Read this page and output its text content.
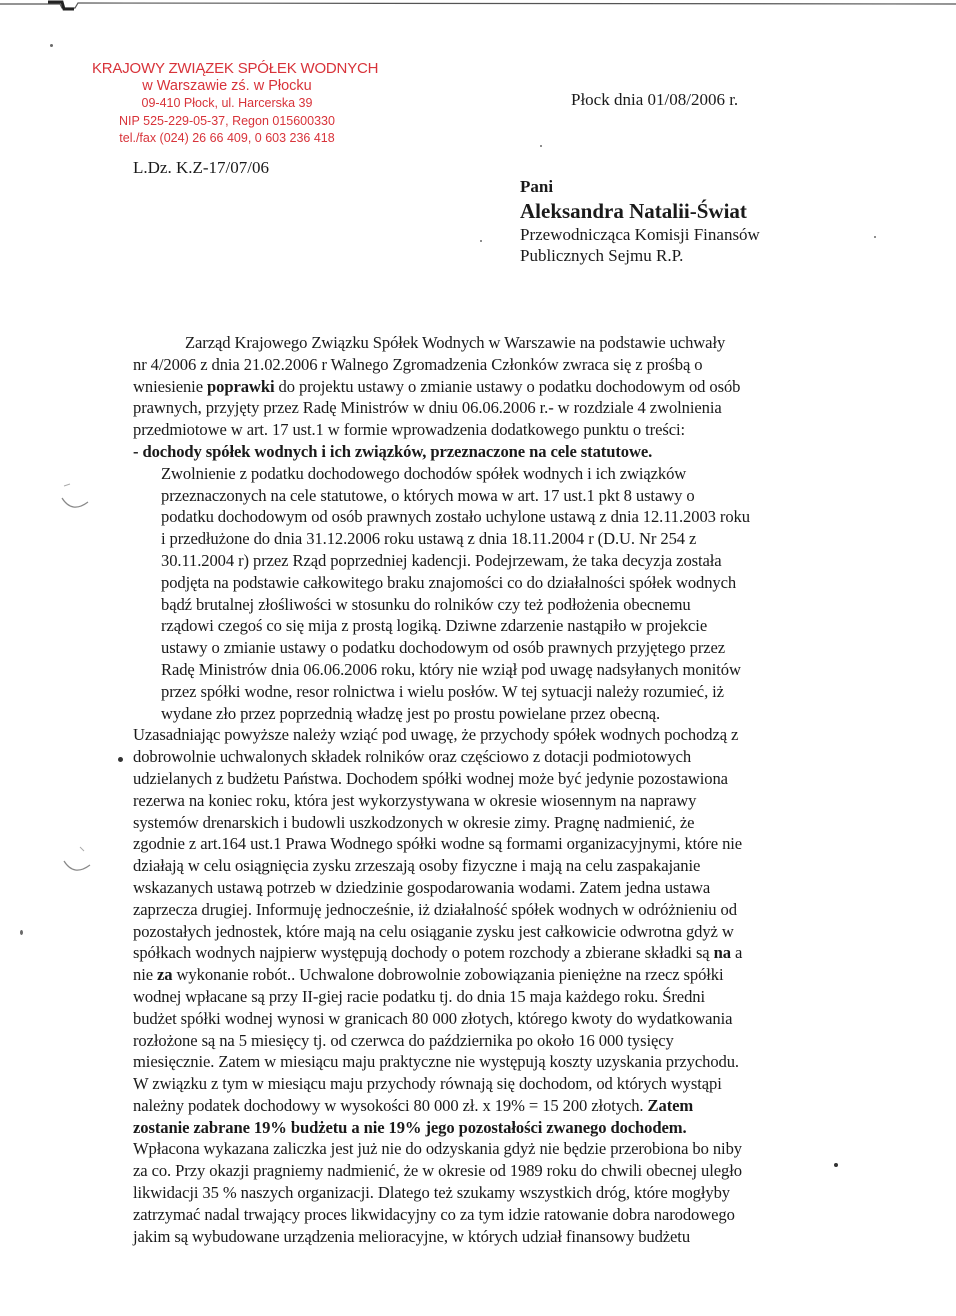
KRAJOWY ZWIĄZEK SPÓŁEK WODNYCH
w Warszawie zś. w Płocku
09-410 Płock, ul. Harcerska 39
NIP 525-229-05-37, Regon 015600330
tel./fax (024) 26 66 409, 0 603 236 418
Płock dnia 01/08/2006 r.
L.Dz. K.Z-17/07/06
Pani
Aleksandra Natalii-Świat
Przewodnicząca Komisji Finansów
Publicznych Sejmu R.P.
Zarząd Krajowego Związku Spółek Wodnych w Warszawie na podstawie uchwały
nr 4/2006 z dnia 21.02.2006 r Walnego Zgromadzenia Członków zwraca się z prośbą o
wniesienie poprawki do projektu ustawy o zmianie ustawy o podatku dochodowym od osób
prawnych, przyjęty przez Radę Ministrów w dniu 06.06.2006 r.- w rozdziale 4 zwolnienia
przedmiotowe w art. 17 ust.1 w formie wprowadzenia dodatkowego punktu o treści:
- dochody spółek wodnych i ich związków, przeznaczone na cele statutowe.
Zwolnienie z podatku dochodowego dochodów spółek wodnych i ich związków
przeznaczonych na cele statutowe, o których mowa w art. 17 ust.1 pkt 8 ustawy o
podatku dochodowym od osób prawnych zostało uchylone ustawą z dnia 12.11.2003 roku
i przedłużone do dnia 31.12.2006 roku ustawą z dnia 18.11.2004 r (D.U. Nr 254 z
30.11.2004 r) przez Rząd poprzedniej kadencji. Podejrzewam, że taka decyzja została
podjęta na podstawie całkowitego braku znajomości co do działalności spółek wodnych
bądź brutalnej złośliwości w stosunku do rolników czy też podłożenia obecnemu
rządowi czegoś co się mija z prostą logiką. Dziwne zdarzenie nastąpiło w projekcie
ustawy o zmianie ustawy o podatku dochodowym od osób prawnych przyjętego przez
Radę Ministrów dnia 06.06.2006 roku, który nie wziął pod uwagę nadsyłanych monitów
przez spółki wodne, resor rolnictwa i wielu posłów. W tej sytuacji należy rozumieć, iż
wydane zło przez poprzednią władzę jest po prostu powielane przez obecną.
Uzasadniając powyższe należy wziąć pod uwagę, że przychody spółek wodnych pochodzą z
dobrowolnie uchwalonych składek rolników oraz częściowo z dotacji podmiotowych
udzielanych z budżetu Państwa. Dochodem spółki wodnej może być jedynie pozostawiona
rezerwa na koniec roku, która jest wykorzystywana w okresie wiosennym na naprawy
systemów drenarskich i budowli uszkodzonych w okresie zimy. Pragnę nadmienić, że
zgodnie z art.164 ust.1 Prawa Wodnego spółki wodne są formami organizacyjnymi, które nie
działają w celu osiągnięcia zysku zrzeszają osoby fizyczne i mają na celu zaspakajanie
wskazanych ustawą potrzeb w dziedzinie gospodarowania wodami. Zatem jedna ustawa
zaprzecza drugiej. Informuję jednocześnie, iż działalność spółek wodnych w odróżnieniu od
pozostałych jednostek, które mają na celu osiąganie zysku jest całkowicie odwrotna gdyż w
spółkach wodnych najpierw występują dochody o potem rozchody a zbierane składki są na a
nie za wykonanie robót.. Uchwalone dobrowolnie zobowiązania pieniężne na rzecz spółki
wodnej wpłacane są przy II-giej racie podatku tj. do dnia 15 maja każdego roku. Średni
budżet spółki wodnej wynosi w granicach 80 000 złotych, którego kwoty do wydatkowania
rozłożone są na 5 miesięcy tj. od czerwca do października po około 16 000 tysięcy
miesięcznie. Zatem w miesiącu maju praktyczne nie występują koszty uzyskania przychodu.
W związku z tym w miesiącu maju przychody równają się dochodom, od których wystąpi
należny podatek dochodowy w wysokości 80 000 zł. x 19% = 15 200 złotych. Zatem
zostanie zabrane 19% budżetu a nie 19% jego pozostałości zwanego dochodem.
Wpłacona wykazana zaliczka jest już nie do odzyskania gdyż nie będzie przerobiona bo niby
za co. Przy okazji pragniemy nadmienić, że w okresie od 1989 roku do chwili obecnej uległo
likwidacji 35 % naszych organizacji. Dlatego też szukamy wszystkich dróg, które mogłyby
zatrzymać nadal trwający proces likwidacyjny co za tym idzie ratowanie dobra narodowego
jakim są wybudowane urządzenia melioracyjne, w których udział finansowy budżetu
